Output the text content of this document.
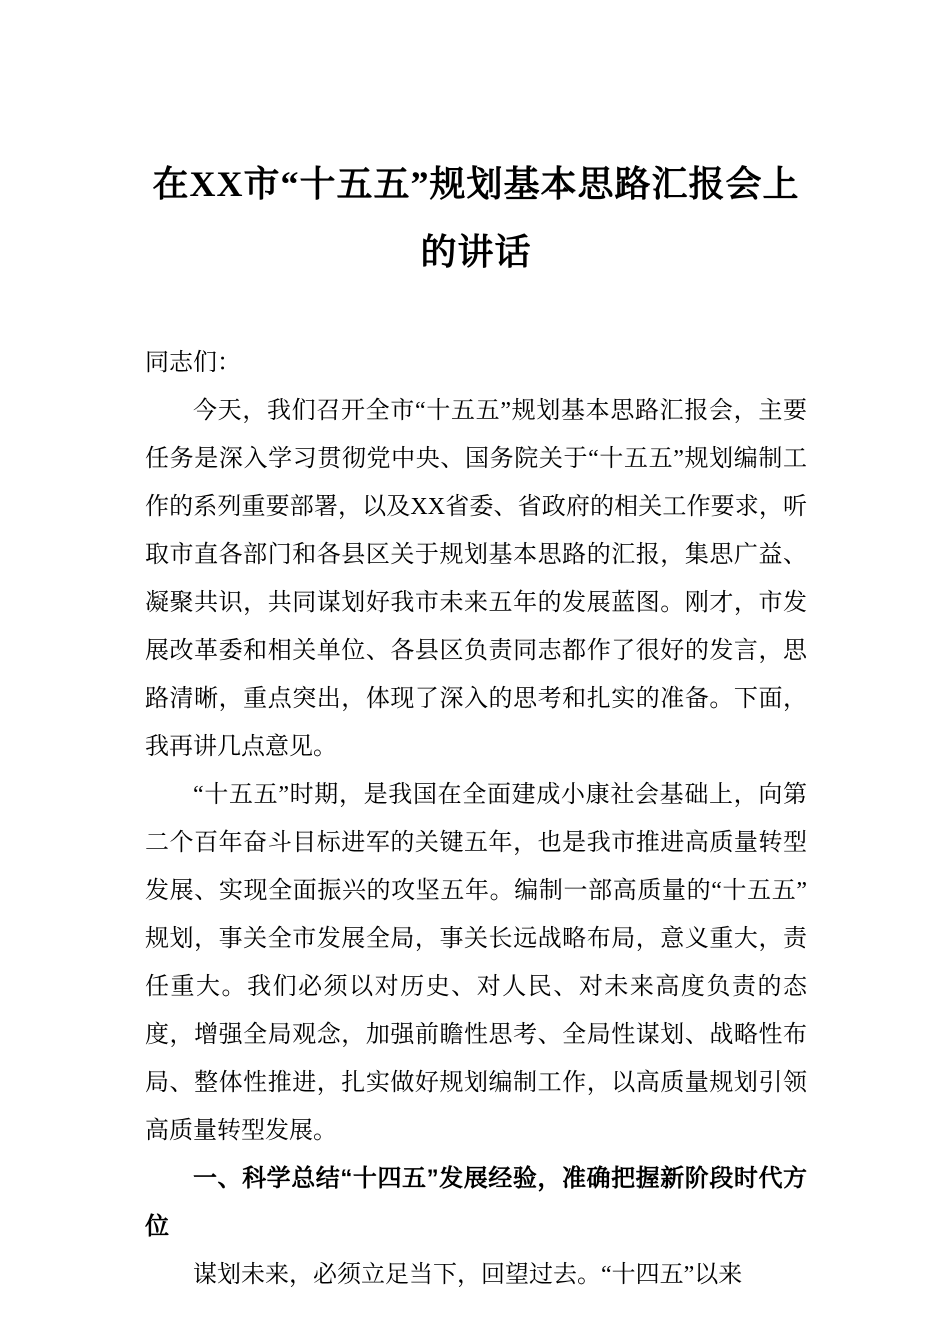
在XX市“十五五”规划基本思路汇报会上的讲话

同志们：

今天，我们召开全市“十五五”规划基本思路汇报会，主要任务是深入学习贯彻党中央、国务院关于“十五五”规划编制工作的系列重要部署，以及XX省委、省政府的相关工作要求，听取市直各部门和各县区关于规划基本思路的汇报，集思广益、凝聚共识，共同谋划好我市未来五年的发展蓝图。刚才，市发展改革委和相关单位、各县区负责同志都作了很好的发言，思路清晰，重点突出，体现了深入的思考和扎实的准备。下面，我再讲几点意见。

“十五五”时期，是我国在全面建成小康社会基础上，向第二个百年奋斗目标进军的关键五年，也是我市推进高质量转型发展、实现全面振兴的攻坚五年。编制一部高质量的“十五五”规划，事关全市发展全局，事关长远战略布局，意义重大，责任重大。我们必须以对历史、对人民、对未来高度负责的态度，增强全局观念，加强前瞻性思考、全局性谋划、战略性布局、整体性推进，扎实做好规划编制工作，以高质量规划引领高质量转型发展。

一、科学总结“十四五”发展经验，准确把握新阶段时代方位

谋划未来，必须立足当下，回望过去。“十四五”以来
